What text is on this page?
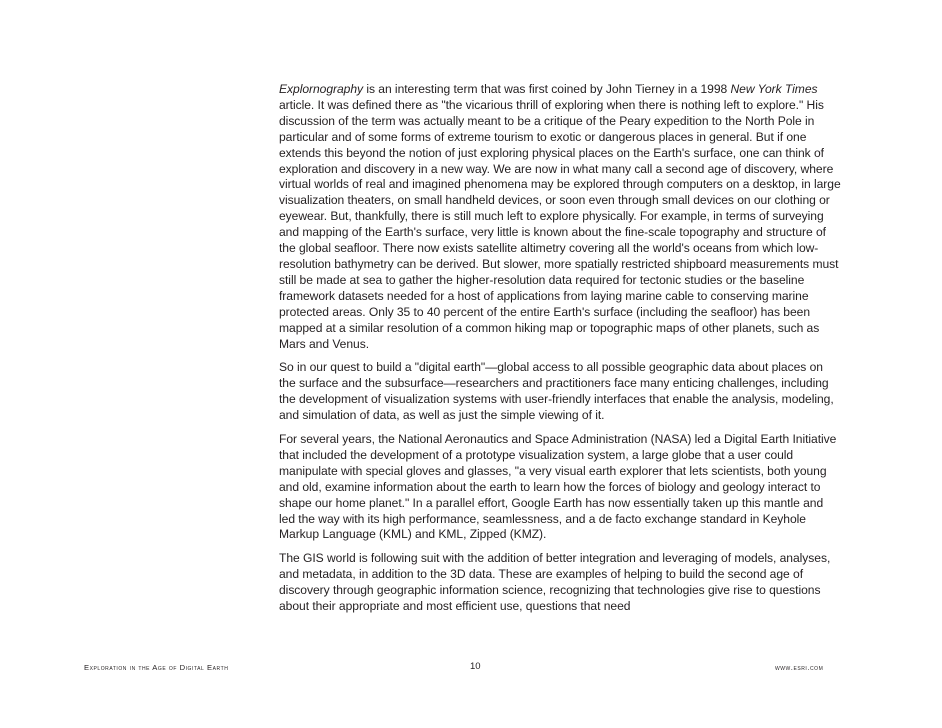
Explornography is an interesting term that was first coined by John Tierney in a 1998 New York Times article. It was defined there as "the vicarious thrill of exploring when there is nothing left to explore." His discussion of the term was actually meant to be a critique of the Peary expedition to the North Pole in particular and of some forms of extreme tourism to exotic or dangerous places in general. But if one extends this beyond the notion of just exploring physical places on the Earth's surface, one can think of exploration and discovery in a new way. We are now in what many call a second age of discovery, where virtual worlds of real and imagined phenomena may be explored through computers on a desktop, in large visualization theaters, on small handheld devices, or soon even through small devices on our clothing or eyewear. But, thankfully, there is still much left to explore physically. For example, in terms of surveying and mapping of the Earth's surface, very little is known about the fine-scale topography and structure of the global seafloor. There now exists satellite altimetry covering all the world's oceans from which low-resolution bathymetry can be derived. But slower, more spatially restricted shipboard measurements must still be made at sea to gather the higher-resolution data required for tectonic studies or the baseline framework datasets needed for a host of applications from laying marine cable to conserving marine protected areas. Only 35 to 40 percent of the entire Earth's surface (including the seafloor) has been mapped at a similar resolution of a common hiking map or topographic maps of other planets, such as Mars and Venus.

So in our quest to build a "digital earth"—global access to all possible geographic data about places on the surface and the subsurface—researchers and practitioners face many enticing challenges, including the development of visualization systems with user-friendly interfaces that enable the analysis, modeling, and simulation of data, as well as just the simple viewing of it.

For several years, the National Aeronautics and Space Administration (NASA) led a Digital Earth Initiative that included the development of a prototype visualization system, a large globe that a user could manipulate with special gloves and glasses, "a very visual earth explorer that lets scientists, both young and old, examine information about the earth to learn how the forces of biology and geology interact to shape our home planet." In a parallel effort, Google Earth has now essentially taken up this mantle and led the way with its high performance, seamlessness, and a de facto exchange standard in Keyhole Markup Language (KML) and KML, Zipped (KMZ).

The GIS world is following suit with the addition of better integration and leveraging of models, analyses, and metadata, in addition to the 3D data. These are examples of helping to build the second age of discovery through geographic information science, recognizing that technologies give rise to questions about their appropriate and most efficient use, questions that need

Exploration in the Age of Digital Earth	10	www.esri.com
